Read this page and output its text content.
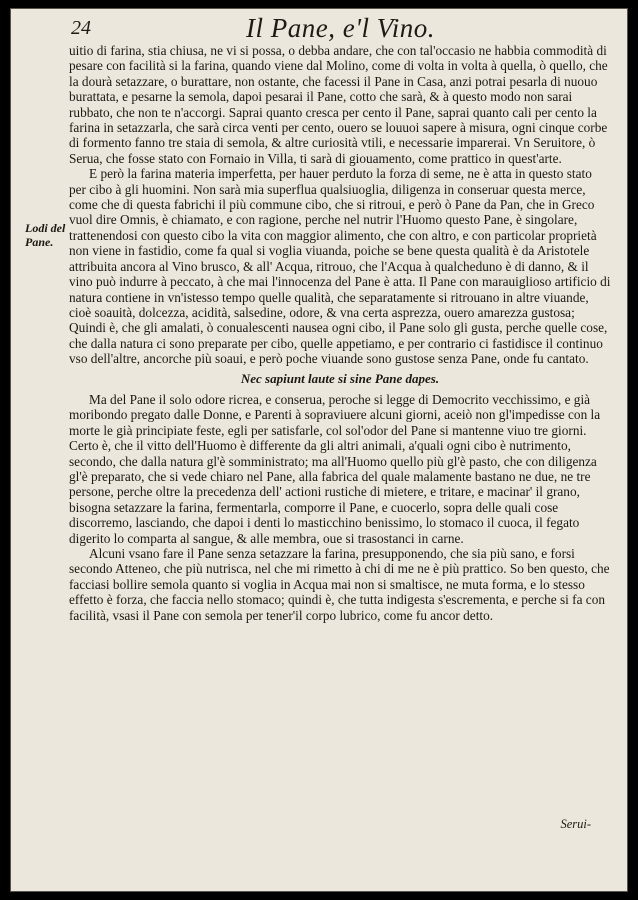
24	Il Pane, e'l Vino.
Lodi del Pane.

uitio di farina, stia chiusa, ne vi si possa, o debba andare, che con tal'occasio ne habbia commodità di pesare con facilità si la farina, quando viene dal Molino, come di volta in volta à quella, ò quello, che la dourà setazzare, o burattare, non ostante, che facessi il Pane in Casa, anzi potrai pesarla di nuouo burattata, e pesarne la semola, dapoi pesarai il Pane, cotto che sarà, & à questo modo non sarai rubbato, che non te n'accorgi. Saprai quanto cresca per cento il Pane, saprai quanto cali per cento la farina in setazzarla, che sarà circa venti per cento, ouero se louuoi sapere à misura, ogni cinque corbe di formento fanno tre staia di semola, & altre curiosità vtili, e necessarie imparerai. Vn Seruitore, ò Serua, che fosse stato con Fornaio in Villa, ti sarà di giouamento, come prattico in quest'arte.

E però la farina materia imperfetta, per hauer perduto la forza di seme, ne è atta in questo stato per cibo à gli huomini. Non sarà mia superflua qualsiuoglia, diligenza in conseruar questa merce, come che di questa fabrichi il più commune cibo, che si ritroui, e però ò Pane da Pan, che in Greco vuol dire Omnis, è chiamato, e con ragione, perche nel nutrir l'Huomo questo Pane, è singolare, trattenendosi con questo cibo la vita con maggior alimento, che con altro, e con particolar proprietà non viene in fastidio, come fa qual si voglia viuanda, poiche se bene questa qualità è da Aristotele attribuita ancora al Vino brusco, & all' Acqua, ritrouo, che l'Acqua à qualcheduno è di danno, & il vino può indurre à peccato, à che mai l'innocenza del Pane è atta. Il Pane con marauiglioso artificio di natura contiene in vn'istesso tempo quelle qualità, che separatamente si ritrouano in altre viuande, cioè soauità, dolcezza, acidità, salsedine, odore, & vna certa asprezza, ouero amarezza gustosa; Quindi è, che gli amalati, ò conualescenti nausea ogni cibo, il Pane solo gli gusta, perche quelle cose, che dalla natura ci sono preparate per cibo, quelle appetiamo, e per contrario ci fastidisce il continuo vso dell'altre, ancorche più soaui, e però poche viuande sono gustose senza Pane, onde fu cantato.

Nec sapiunt laute si sine Pane dapes.

Ma del Pane il solo odore ricrea, e conserua, peroche si legge di Democrito vecchissimo, e già moribondo pregato dalle Donne, e Parenti à sopraviuere alcuni giorni, aceiò non gl'impedisse con la morte le già principiate feste, egli per satisfarle, col sol'odor del Pane si mantenne viuo tre giorni. Certo è, che il vitto dell'Huomo è differente da gli altri animali, a'quali ogni cibo è nutrimento, secondo, che dalla natura gl'è somministrato; ma all'Huomo quello più gl'è pasto, che con diligenza gl'è preparato, che si vede chiaro nel Pane, alla fabrica del quale malamente bastano ne due, ne tre persone, perche oltre la precedenza dell' actioni rustiche di mietere, e tritare, e macinar' il grano, bisogna setazzare la farina, fermentarla, comporre il Pane, e cuocerlo, sopra delle quali cose discorremo, lasciando, che dapoi i denti lo masticchino benissimo, lo stomaco il cuoca, il fegato digerito lo comparta al sangue, & alle membra, oue si trasostanci in carne.

Alcuni vsano fare il Pane senza setazzare la farina, presupponendo, che sia più sano, e forsi secondo Atteneo, che più nutrisca, nel che mi rimetto à chi di me ne è più prattico. So ben questo, che facciasi bollire semola quanto si voglia in Acqua mai non si smaltisce, ne muta forma, e lo stesso effetto è forza, che faccia nello stomaco; quindi è, che tutta indigesta s'escrementa, e perche si fa con facilità, vsasi il Pane con semola per tener'il corpo lubrico, come fu ancor detto.

Serui-
